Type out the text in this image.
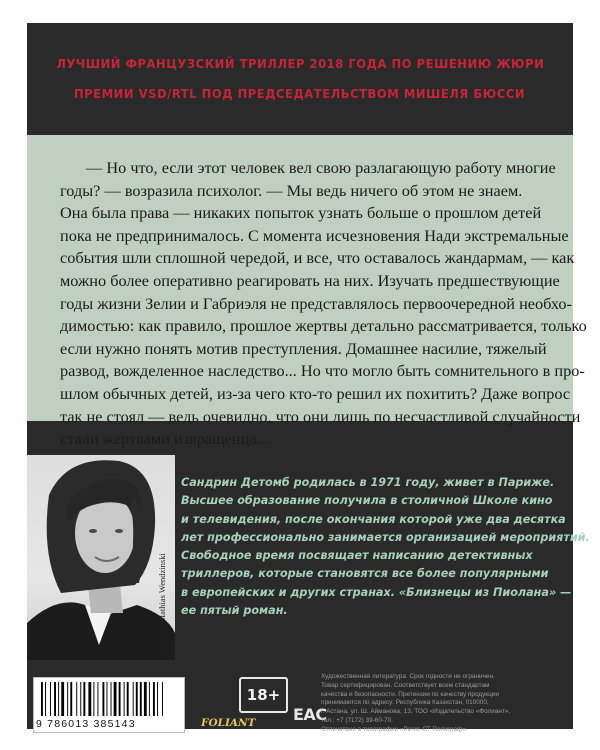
ЛУЧШИЙ ФРАНЦУЗСКИЙ ТРИЛЛЕР 2018 ГОДА ПО РЕШЕНИЮ ЖЮРИ
ПРЕМИИ VSD/RTL ПОД ПРЕДСЕДАТЕЛЬСТВОМ МИШЕЛЯ БЮССИ

— Но что, если этот человек вел свою разлагающую работу многие
годы? — возразила психолог. — Мы ведь ничего об этом не знаем.
Она была права — никаких попыток узнать больше о прошлом детей
пока не предпринималось. С момента исчезновения Нади экстремальные
события шли сплошной чередой, и все, что оставалось жандармам, — как
можно более оперативно реагировать на них. Изучать предшествующие
годы жизни Зелии и Габриэля не представлялось первоочередной необхо-
димостью: как правило, прошлое жертвы детально рассматривается, только
если нужно понять мотив преступления. Домашнее насилие, тяжелый
развод, вожделенное наследство... Но что могло быть сомнительного в про-
шлом обычных детей, из-за чего кто-то решил их похитить? Даже вопрос
так не стоял — ведь очевидно, что они лишь по несчастливой случайности
стали жертвами извращенца...

Photo © Mathias Wendzinski

Сандрин Детомб родилась в 1971 году, живет в Париже.
Высшее образование получила в столичной Школе кино
и телевидения, после окончания которой уже два десятка
лет профессионально занимается организацией мероприятий.
Свободное время посвящает написанию детективных
триллеров, которые становятся все более популярными
в европейских и других странах. «Близнецы из Пиолана» —
ее пятый роман.

9 786013 385143
18+
FOLIANT EAC

Художественная литература. Срок годности не ограничен.
Товар сертифицирован. Соответствует всем стандартам
качества и безопасности. Претензии по качеству продукции
принимаются по адресу: Республика Казахстан, 010000,
г. Астана, ул. Ш. Айманова, 13, ТОО «Издательство «Фолиант»,
тел.: +7 (7172) 39-60-70.
Отпечатано в типографии «Регис-СТ Полиграф».
